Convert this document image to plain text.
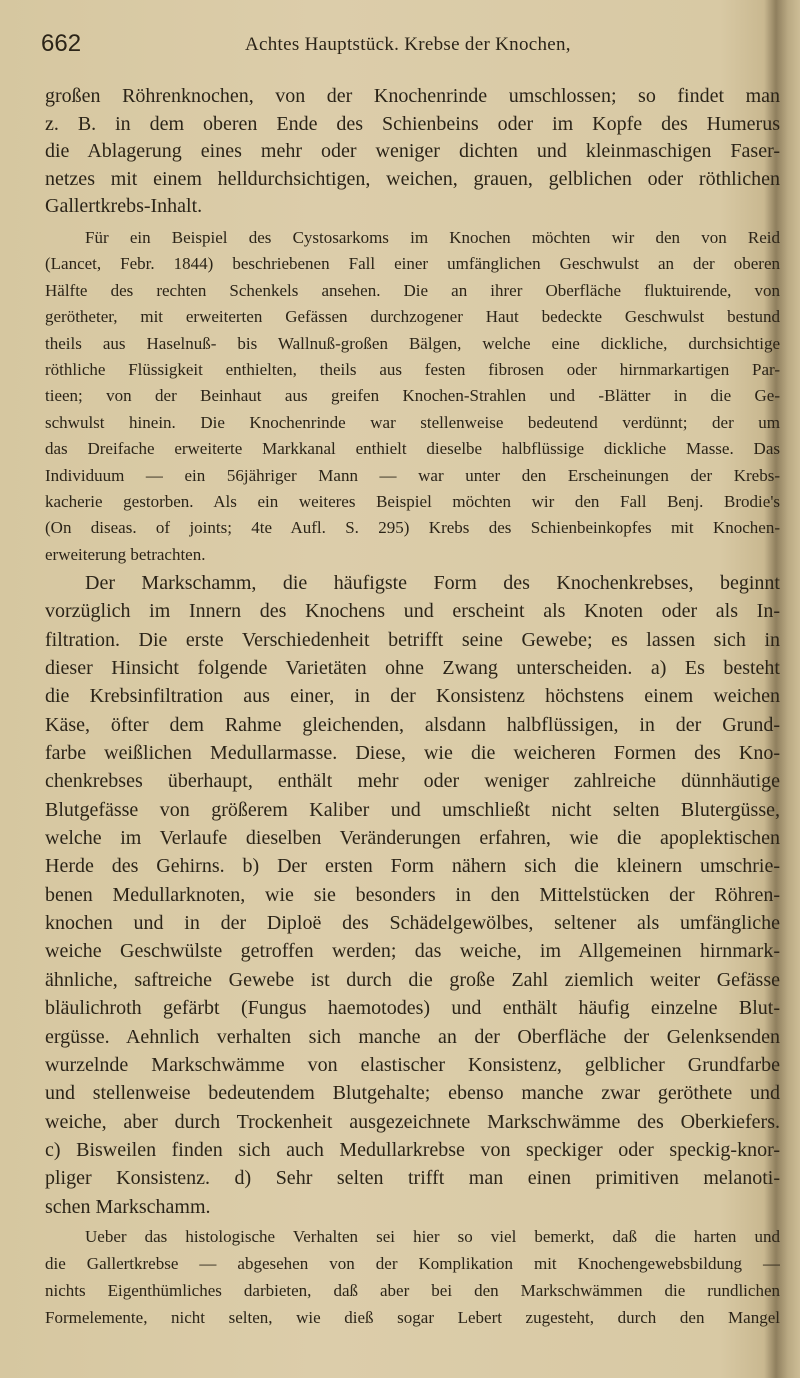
662	Achtes Hauptstück. Krebse der Knochen,
großen Röhrenknochen, von der Knochenrinde umschlossen; so findet man
z. B. in dem oberen Ende des Schienbeins oder im Kopfe des Humerus
die Ablagerung eines mehr oder weniger dichten und kleinmaschigen Faser-
netzes mit einem helldurchsichtigen, weichen, grauen, gelblichen oder röthlichen
Gallertkrebs-Inhalt.
Für ein Beispiel des Cystosarkoms im Knochen möchten wir den von Reid
(Lancet, Febr. 1844) beschriebenen Fall einer umfänglichen Geschwulst an der oberen
Hälfte des rechten Schenkels ansehen. Die an ihrer Oberfläche fluktuirende, von
gerötheter, mit erweiterten Gefässen durchzogener Haut bedeckte Geschwulst bestund
theils aus Haselnuß- bis Wallnuß-großen Bälgen, welche eine dickliche, durchsichtige
röthliche Flüssigkeit enthielten, theils aus festen fibrosen oder hirnmarkartigen Par-
tieen; von der Beinhaut aus greifen Knochen-Strahlen und -Blätter in die Ge-
schwulst hinein. Die Knochenrinde war stellenweise bedeutend verdünnt; der um
das Dreifache erweiterte Markkanal enthielt dieselbe halbflüssige dickliche Masse. Das
Individuum — ein 56jähriger Mann — war unter den Erscheinungen der Krebs-
kacherie gestorben. Als ein weiteres Beispiel möchten wir den Fall Benj. Brodie's
(On diseas. of joints; 4te Aufl. S. 295) Krebs des Schienbeinkopfes mit Knochen-
erweiterung betrachten.
Der Markschamm, die häufigste Form des Knochenkrebses, beginnt
vorzüglich im Innern des Knochens und erscheint als Knoten oder als In-
filtration. Die erste Verschiedenheit betrifft seine Gewebe; es lassen sich in
dieser Hinsicht folgende Varietäten ohne Zwang unterscheiden. a) Es besteht
die Krebsinfiltration aus einer, in der Konsistenz höchstens einem weichen
Käse, öfter dem Rahme gleichenden, alsdann halbflüssigen, in der Grund-
farbe weißlichen Medullarmasse. Diese, wie die weicheren Formen des Kno-
chenkrebses überhaupt, enthält mehr oder weniger zahlreiche dünnhäutige
Blutgefässe von größerem Kaliber und umschließt nicht selten Blutergüsse,
welche im Verlaufe dieselben Veränderungen erfahren, wie die apoplektischen
Herde des Gehirns. b) Der ersten Form nähern sich die kleinern umschrie-
benen Medullarknoten, wie sie besonders in den Mittelstücken der Röhren-
knochen und in der Diploë des Schädelgewölbes, seltener als umfängliche
weiche Geschwülste getroffen werden; das weiche, im Allgemeinen hirnmark-
ähnliche, saftreiche Gewebe ist durch die große Zahl ziemlich weiter Gefässe
bläulichroth gefärbt (Fungus haemotodes) und enthält häufig einzelne Blut-
ergüsse. Aehnlich verhalten sich manche an der Oberfläche der Gelenksenden
wurzelnde Markschwämme von elastischer Konsistenz, gelblicher Grundfarbe
und stellenweise bedeutendem Blutgehalte; ebenso manche zwar geröthete und
weiche, aber durch Trockenheit ausgezeichnete Markschwämme des Oberkiefers.
c) Bisweilen finden sich auch Medullarkrebse von speckiger oder speckig-knor-
pliger Konsistenz. d) Sehr selten trifft man einen primitiven melanoti-
schen Markschamm.
Ueber das histologische Verhalten sei hier so viel bemerkt, daß die harten und
die Gallertkrebse — abgesehen von der Komplikation mit Knochengewebsbildung —
nichts Eigenthümliches darbieten, daß aber bei den Markschwämmen die rundlichen
Formelemente, nicht selten, wie dieß sogar Lebert zugesteht, durch den Mangel
